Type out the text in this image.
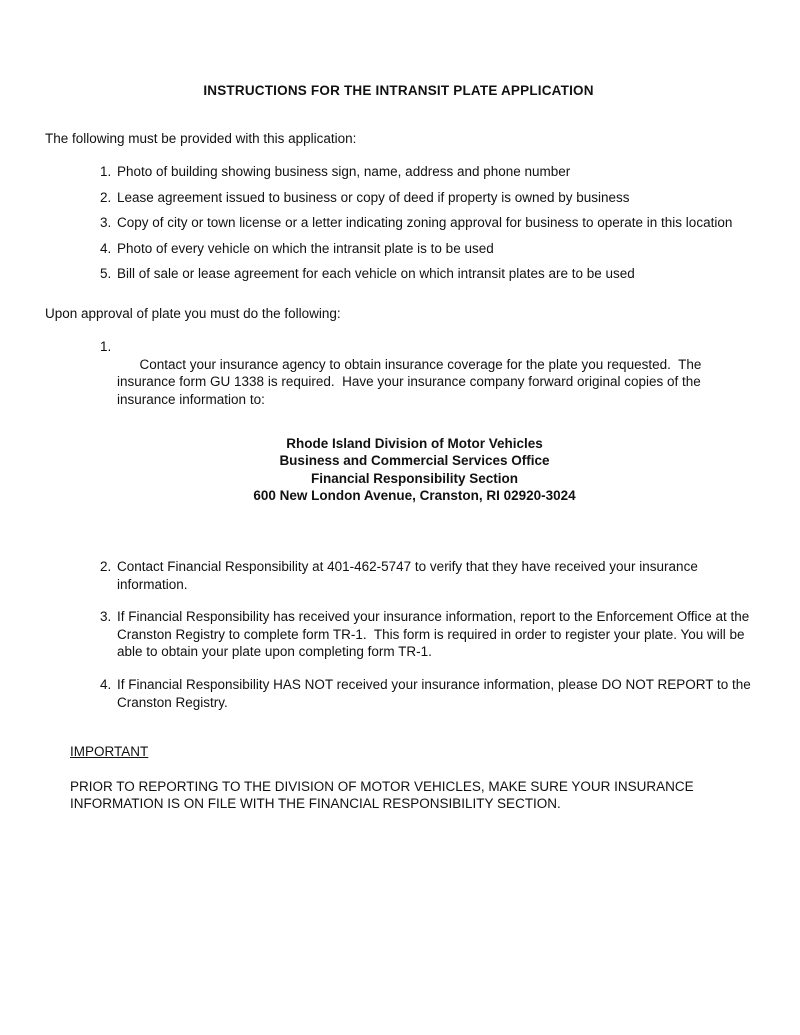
INSTRUCTIONS FOR THE INTRANSIT PLATE APPLICATION

The following must be provided with this application:

1. Photo of building showing business sign, name, address and phone number
2. Lease agreement issued to business or copy of deed if property is owned by business
3. Copy of city or town license or a letter indicating zoning approval for business to operate in this location
4. Photo of every vehicle on which the intransit plate is to be used
5. Bill of sale or lease agreement for each vehicle on which intransit plates are to be used

Upon approval of plate you must do the following:

1. Contact your insurance agency to obtain insurance coverage for the plate you requested.  The insurance form GU 1338 is required.  Have your insurance company forward original copies of the insurance information to:

Rhode Island Division of Motor Vehicles
Business and Commercial Services Office
Financial Responsibility Section
600 New London Avenue, Cranston, RI 02920-3024

2. Contact Financial Responsibility at 401-462-5747 to verify that they have received your insurance information.
3. If Financial Responsibility has received your insurance information, report to the Enforcement Office at the Cranston Registry to complete form TR-1.  This form is required in order to register your plate. You will be able to obtain your plate upon completing form TR-1.
4. If Financial Responsibility HAS NOT received your insurance information, please DO NOT REPORT to the Cranston Registry.

IMPORTANT

PRIOR TO REPORTING TO THE DIVISION OF MOTOR VEHICLES, MAKE SURE YOUR INSURANCE INFORMATION IS ON FILE WITH THE FINANCIAL RESPONSIBILITY SECTION.
